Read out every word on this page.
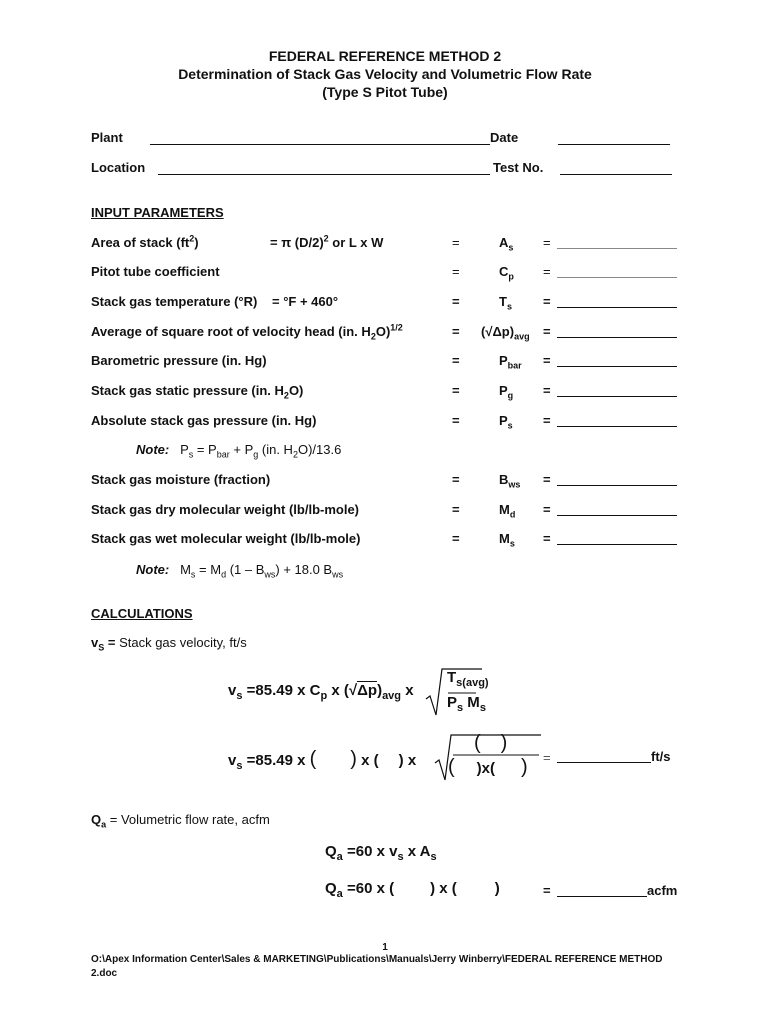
FEDERAL REFERENCE METHOD 2
Determination of Stack Gas Velocity and Volumetric Flow Rate
(Type S Pitot Tube)
Plant	Date
Location	Test No.
INPUT PARAMETERS
Area of stack $(ft^2)$	= π $(D/2)^2$ or L x W	=	$A_s$ =
Pitot tube coefficient	=	$C_p$ =
Stack gas temperature (°R) = °F + 460°	=	$T_s$ =
Average of square root of velocity head (in. $H_2O)^{1/2}$	= $(√\Delta p)_{avg}$ =
Barometric pressure (in. Hg)	=	$P_{bar}$ =
Stack gas static pressure (in. $H_2O$)	=	$P_g$ =
Absolute stack gas pressure (in. Hg)	=	$P_s$ =
Note: $P_s = P_{bar} + P_g$ (in. $H_2O)/13.6$
Stack gas moisture (fraction)	=	$B_{ws}$ =
Stack gas dry molecular weight (lb/lb-mole)	=	$M_d$ =
Stack gas wet molecular weight (lb/lb-mole)	=	$M_s$ =
Note: $M_s = M_d$ $(1 - B_{ws}) + 18.0$ $B_{ws}$
CALCULATIONS
$v_S$ = Stack gas velocity, ft/s
$v_s =85.49$ x $C_p$ x $(√\Delta p)_{avg}$ x
$T_{s(avg)}$
$P_s$ $M_s$
$v_s =85.49$ x ( ) x ( ) x
( )
( )x( ) =	ft/s
$Q_a$ = Volumetric flow rate, acfm
$Q_a =60$ x $v_s$ x $A_s$
$Q_a =60$ x ( ) x (	)	=	acfm
1
O:\Apex Information Center\Sales & MARKETING\Publications\Manuals\Jerry Winberry\FEDERAL REFERENCE METHOD
2.doc
